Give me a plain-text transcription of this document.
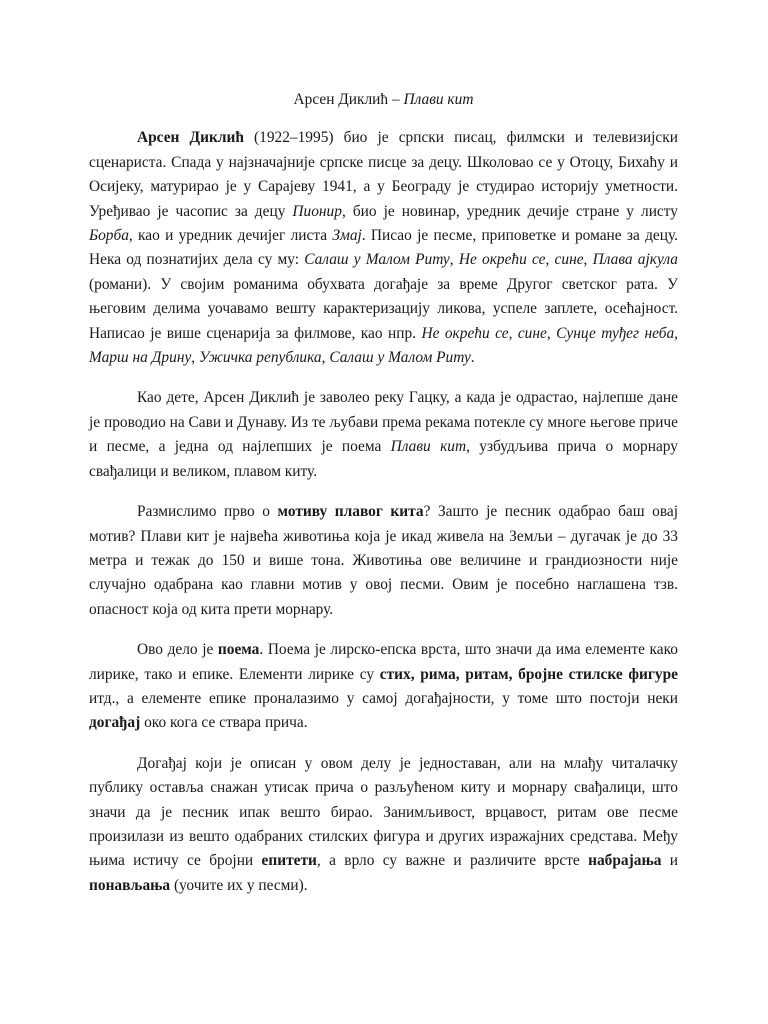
Арсен Диклић – Плави кит

Арсен Диклић (1922–1995) био је српски писац, филмски и телевизијски сценариста. Спада у најзначајније српске писце за децу. Школовао се у Отоцу, Бихаћу и Осијеку, матурирао је у Сарајеву 1941, а у Београду је студирао историју уметности. Уређивао је часопис за децу Пионир, био је новинар, уредник дечије стране у листу Борба, као и уредник дечијег листа Змај. Писао је песме, приповетке и романе за децу. Нека од познатијих дела су му: Салаш у Малом Риту, Не окрећи се, сине, Плава ајкула (романи). У својим романима обухвата догађаје за време Другог светског рата. У његовим делима уочавамо вешту карактеризацију ликова, успеле заплете, осећајност. Написао је више сценарија за филмове, као нпр. Не окрећи се, сине, Сунце туђег неба, Марш на Дрину, Ужичка република, Салаш у Малом Риту.

Као дете, Арсен Диклић је заволео реку Гацку, а када је одрастао, најлепше дане је проводио на Сави и Дунаву. Из те љубави према рекама потекле су многе његове приче и песме, а једна од најлепших је поема Плави кит, узбудљива прича о морнару свађалици и великом, плавом киту.

Размислимо прво о мотиву плавог кита? Зашто је песник одабрао баш овај мотив? Плави кит је највећа животиња која је икад живела на Земљи – дугачак је до 33 метра и тежак до 150 и више тона. Животиња ове величине и грандиозности није случајно одабрана као главни мотив у овој песми. Овим је посебно наглашена тзв. опасност која од кита прети морнару.

Ово дело је поема. Поема је лирско-епска врста, што значи да има елементе како лирике, тако и епике. Елементи лирике су стих, рима, ритам, бројне стилске фигуре итд., а елементе епике проналазимо у самој догађајности, у томе што постоји неки догађај око кога се ствара прича.

Догађај који је описан у овом делу је једноставан, али на млађу читалачку публику оставља снажан утисак прича о разљућеном киту и морнару свађалици, што значи да је песник ипак вешто бирао. Занимљивост, врцавост, ритам ове песме произилази из вешто одабраних стилских фигура и других изражајних средстава. Међу њима истичу се бројни епитети, а врло су важне и различите врсте набрајања и понављања (уочите их у песми).
